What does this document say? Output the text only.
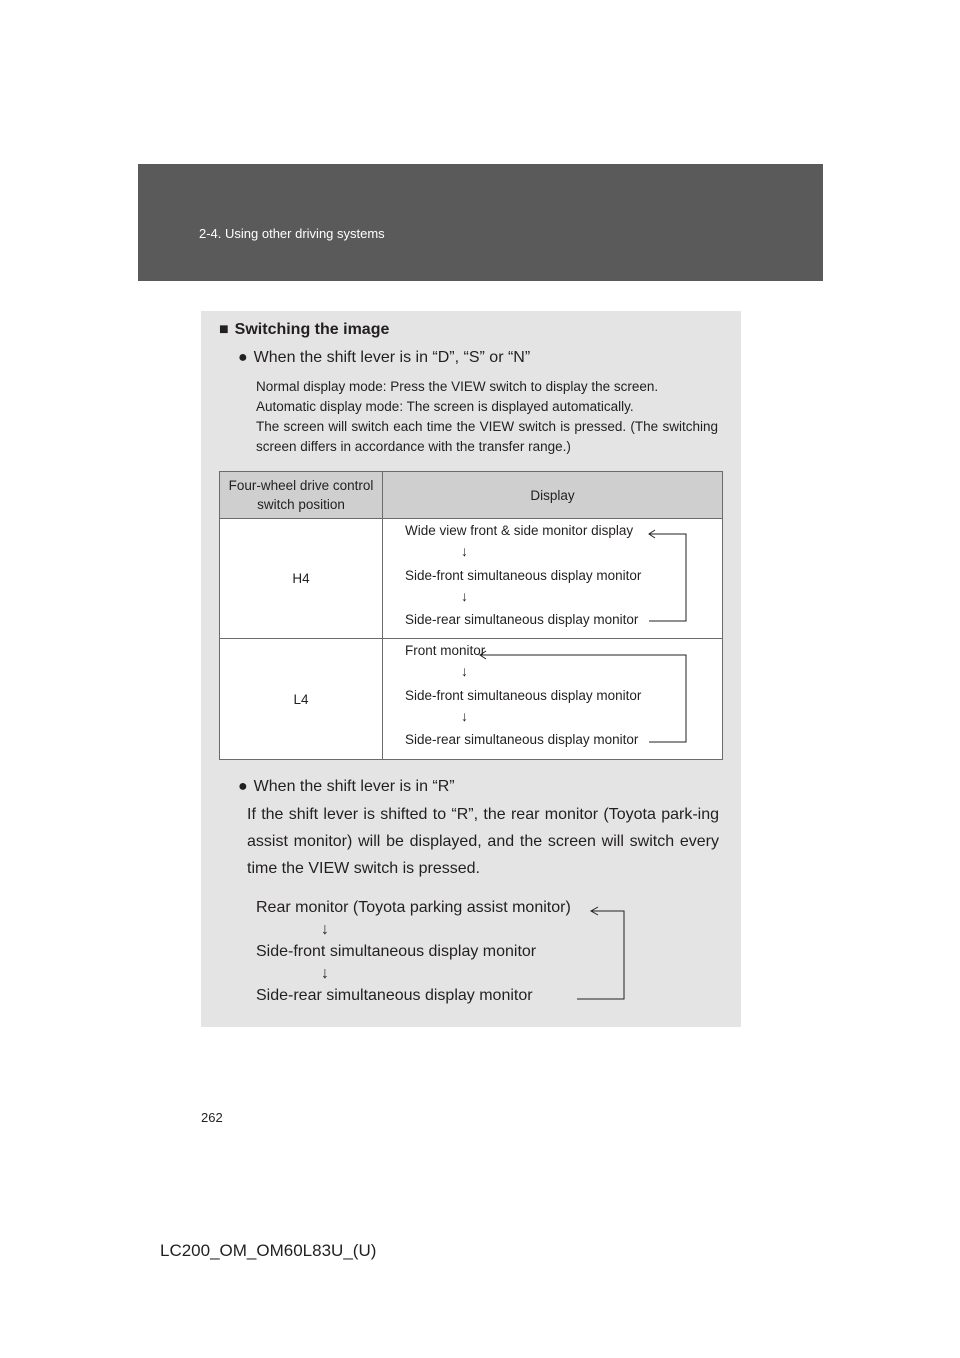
2-4. Using other driving systems
■ Switching the image
● When the shift lever is in “D”, “S” or “N”
Normal display mode: Press the VIEW switch to display the screen.
Automatic display mode: The screen is displayed automatically.
The screen will switch each time the VIEW switch is pressed. (The switching screen differs in accordance with the transfer range.)
Four-wheel drive control switch position	Display
H4	Wide view front & side monitor display
↓
Side-front simultaneous display monitor
↓
Side-rear simultaneous display monitor

L4	Front monitor
↓
Side-front simultaneous display monitor
↓
Side-rear simultaneous display monitor
● When the shift lever is in “R”
If the shift lever is shifted to “R”, the rear monitor (Toyota park-ing assist monitor) will be displayed, and the screen will switch every time the VIEW switch is pressed.
Rear monitor (Toyota parking assist monitor)
↓
Side-front simultaneous display monitor
↓
Side-rear simultaneous display monitor
262
LC200_OM_OM60L83U_(U)
